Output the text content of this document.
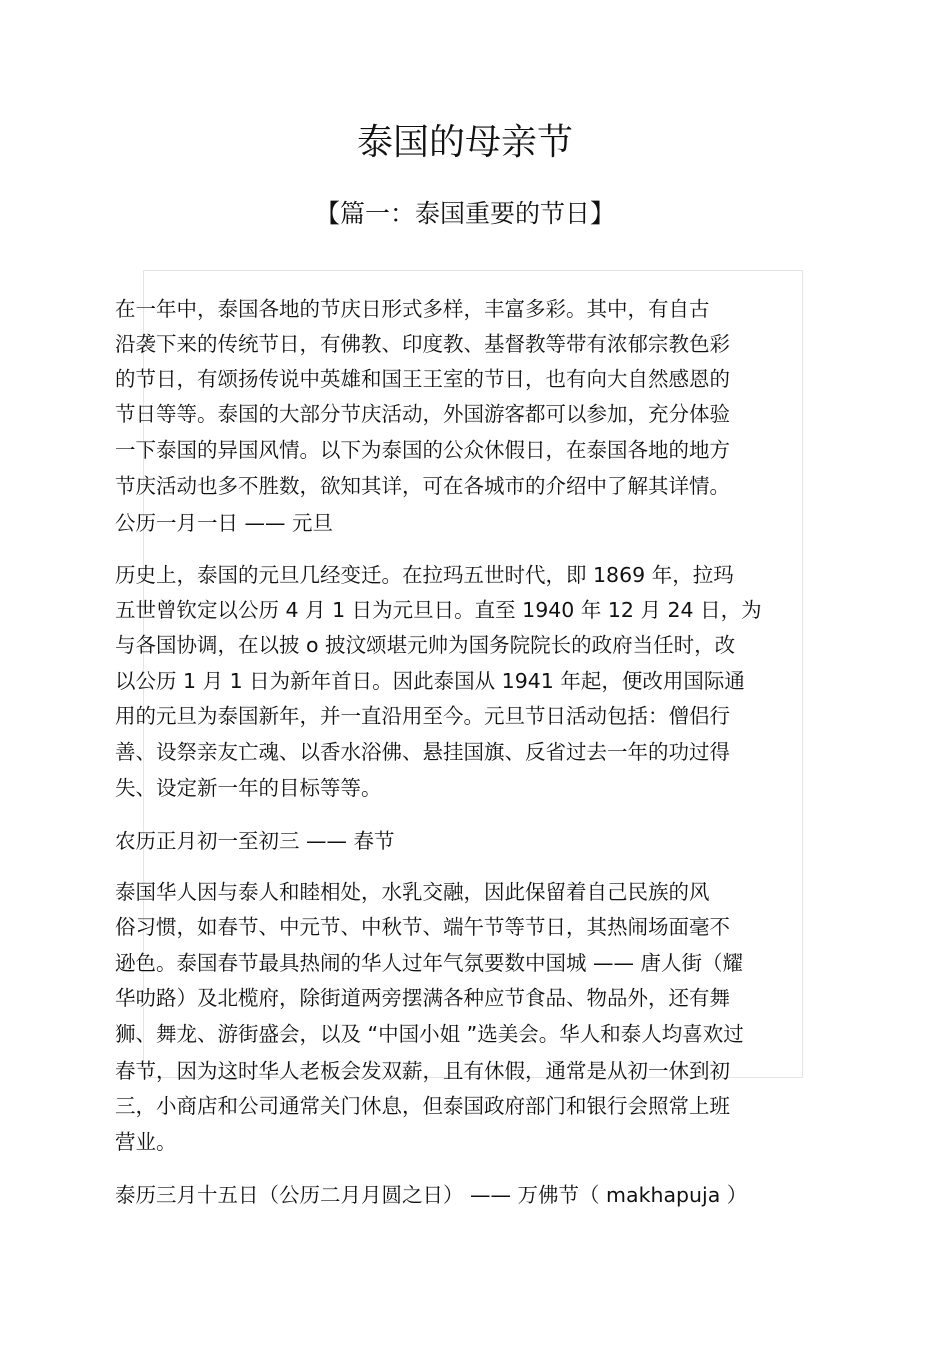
泰国的母亲节
【篇一：泰国重要的节日】

在一年中，泰国各地的节庆日形式多样，丰富多彩。其中，有自古

沿袭下来的传统节日，有佛教、印度教、基督教等带有浓郁宗教色彩

的节日，有颂扬传说中英雄和国王王室的节日，也有向大自然感恩的

节日等等。泰国的大部分节庆活动，外国游客都可以参加，充分体验

一下泰国的异国风情。以下为泰国的公众休假日，在泰国各地的地方

节庆活动也多不胜数，欲知其详，可在各城市的介绍中了解其详情。

公历一月一日 —— 元旦

历史上，泰国的元旦几经变迁。在拉玛五世时代，即 1869 年，拉玛

五世曾钦定以公历 4 月 1 日为元旦日。直至 1940 年 12 月 24 日，为

与各国协调，在以披 o 披汶颂堪元帅为国务院院长的政府当任时，改

以公历 1 月 1 日为新年首日。因此泰国从 1941 年起，便改用国际通

用的元旦为泰国新年，并一直沿用至今。元旦节日活动包括：僧侣行

善、设祭亲友亡魂、以香水浴佛、悬挂国旗、反省过去一年的功过得

失、设定新一年的目标等等。

农历正月初一至初三 —— 春节

泰国华人因与泰人和睦相处，水乳交融，因此保留着自己民族的风

俗习惯，如春节、中元节、中秋节、端午节等节日，其热闹场面毫不

逊色。泰国春节最具热闹的华人过年气氛要数中国城 —— 唐人街（耀

华叻路）及北榄府，除街道两旁摆满各种应节食品、物品外，还有舞

狮、舞龙、游街盛会，以及 “中国小姐 ”选美会。华人和泰人均喜欢过

春节，因为这时华人老板会发双薪，且有休假，通常是从初一休到初

三，小商店和公司通常关门休息，但泰国政府部门和银行会照常上班

营业。

泰历三月十五日（公历二月月圆之日） —— 万佛节（ makhapuja ）
